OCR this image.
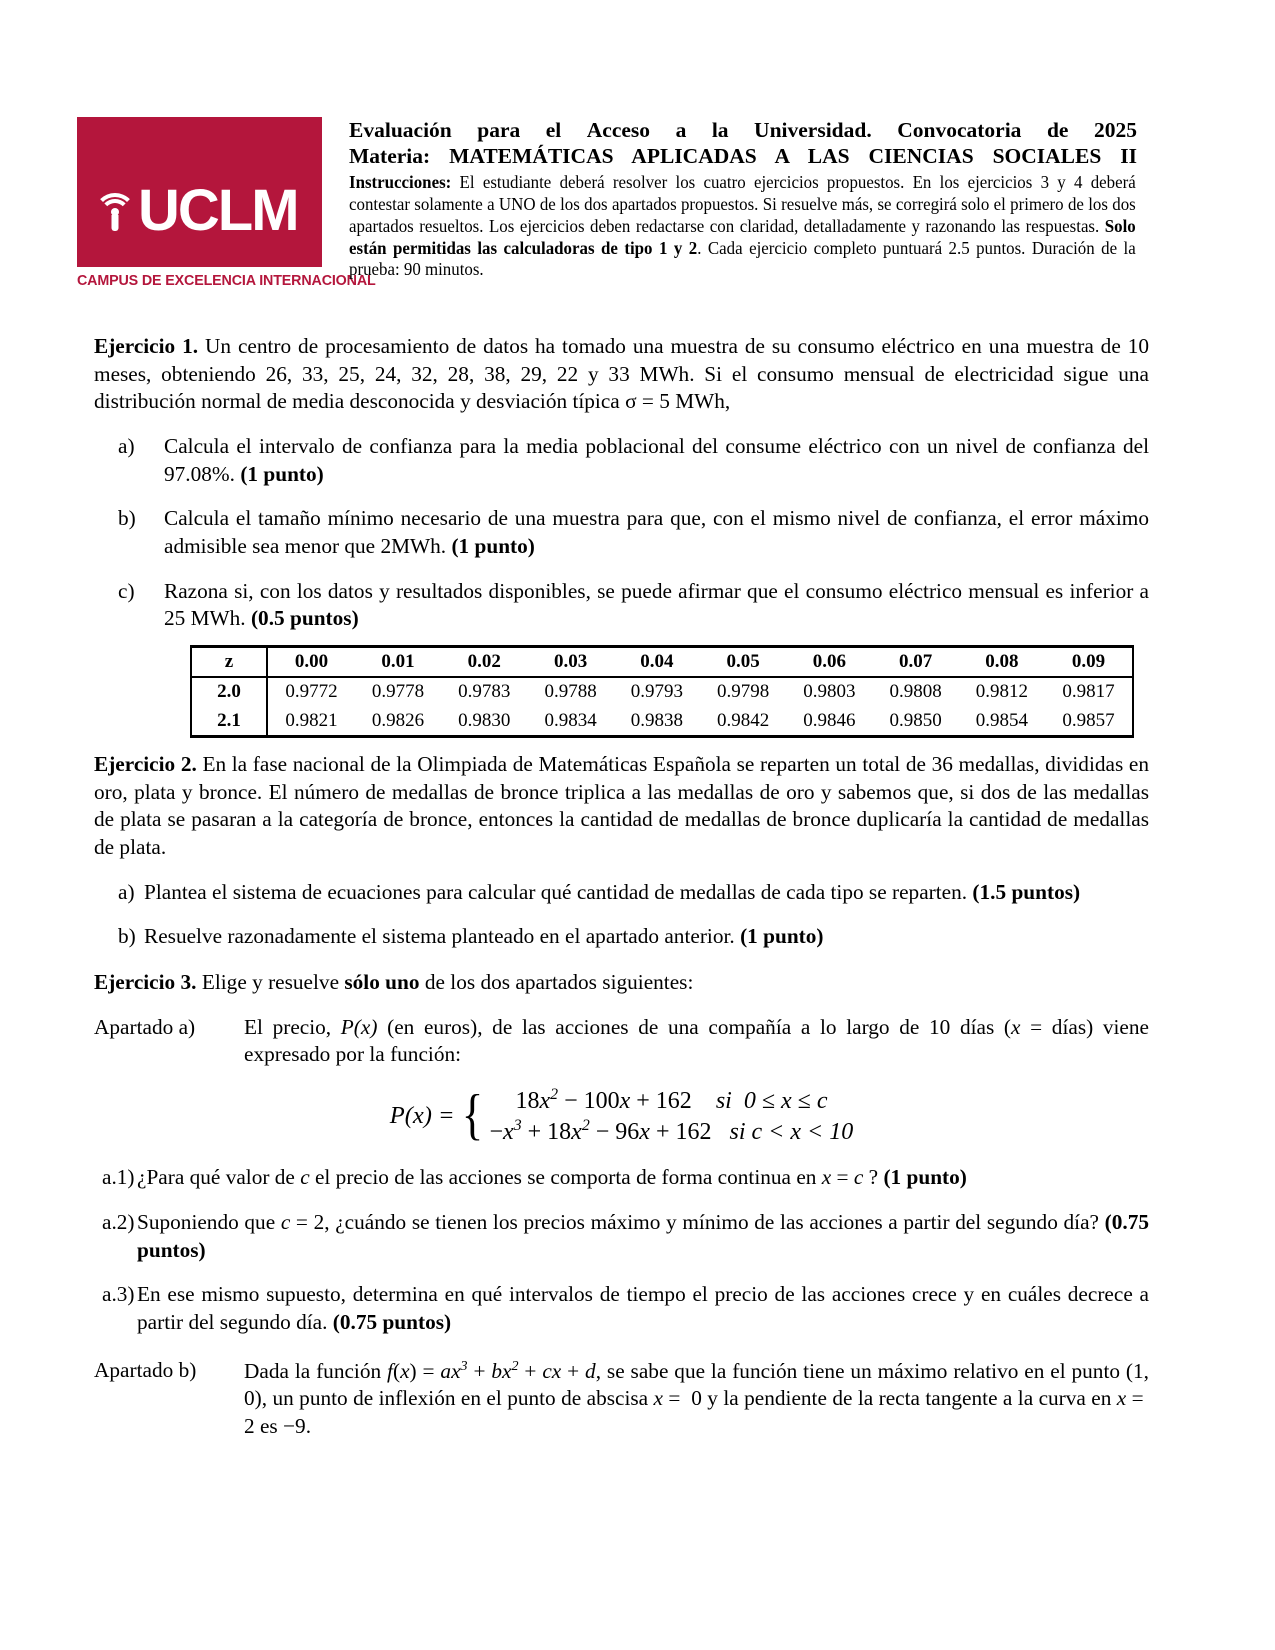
UCLM
CAMPUS DE EXCELENCIA INTERNACIONAL
Evaluación para el Acceso a la Universidad. Convocatoria de 2025
Materia: MATEMÁTICAS APLICADAS A LAS CIENCIAS SOCIALES II
Instrucciones: El estudiante deberá resolver los cuatro ejercicios propuestos. En los ejercicios 3 y 4 deberá contestar solamente a UNO de los dos apartados propuestos. Si resuelve más, se corregirá solo el primero de los dos apartados resueltos. Los ejercicios deben redactarse con claridad, detalladamente y razonando las respuestas. Solo están permitidas las calculadoras de tipo 1 y 2. Cada ejercicio completo puntuará 2.5 puntos. Duración de la prueba: 90 minutos.

Ejercicio 1. Un centro de procesamiento de datos ha tomado una muestra de su consumo eléctrico en una muestra de 10 meses, obteniendo 26, 33, 25, 24, 32, 28, 38, 29, 22 y 33 MWh. Si el consumo mensual de electricidad sigue una distribución normal de media desconocida y desviación típica σ = 5 MWh,

a)	Calcula el intervalo de confianza para la media poblacional del consume eléctrico con un nivel de confianza del 97.08%. (1 punto)
b)	Calcula el tamaño mínimo necesario de una muestra para que, con el mismo nivel de confianza, el error máximo admisible sea menor que 2MWh. (1 punto)
c)	Razona si, con los datos y resultados disponibles, se puede afirmar que el consumo eléctrico mensual es inferior a 25 MWh. (0.5 puntos)
z	0.00	0.01	0.02	0.03	0.04	0.05	0.06	0.07	0.08	0.09
2.0	0.9772	0.9778	0.9783	0.9788	0.9793	0.9798	0.9803	0.9808	0.9812	0.9817
2.1	0.9821	0.9826	0.9830	0.9834	0.9838	0.9842	0.9846	0.9850	0.9854	0.9857

Ejercicio 2. En la fase nacional de la Olimpiada de Matemáticas Española se reparten un total de 36 medallas, divididas en oro, plata y bronce. El número de medallas de bronce triplica a las medallas de oro y sabemos que, si dos de las medallas de plata se pasaran a la categoría de bronce, entonces la cantidad de medallas de bronce duplicaría la cantidad de medallas de plata.

a) Plantea el sistema de ecuaciones para calcular qué cantidad de medallas de cada tipo se reparten. (1.5 puntos)
b) Resuelve razonadamente el sistema planteado en el apartado anterior. (1 punto)

Ejercicio 3. Elige y resuelve sólo uno de los dos apartados siguientes:

Apartado a)	El precio, P(x) (en euros), de las acciones de una compañía a lo largo de 10 días (x = días) viene expresado por la función:
P(x) = { $18x^2 - 100x + 162$	si  0 ≤ x ≤ c
$-x^3 + 18x^2 - 96x + 162$ si c < x < 10
a.1) ¿Para qué valor de c el precio de las acciones se comporta de forma continua en x = c ? (1 punto)
a.2) Suponiendo que c = 2, ¿cuándo se tienen los precios máximo y mínimo de las acciones a partir del segundo día? (0.75 puntos)
a.3) En ese mismo supuesto, determina en qué intervalos de tiempo el precio de las acciones crece y en cuáles decrece a partir del segundo día. (0.75 puntos)
Apartado b)	Dada la función $f(x) = ax^3 + bx^2$ + cx + d, se sabe que la función tiene un máximo relativo en el punto (1, 0), un punto de inflexión en el punto de abscisa x =  0 y la pendiente de la recta tangente a la curva en x =  2 es −9.
